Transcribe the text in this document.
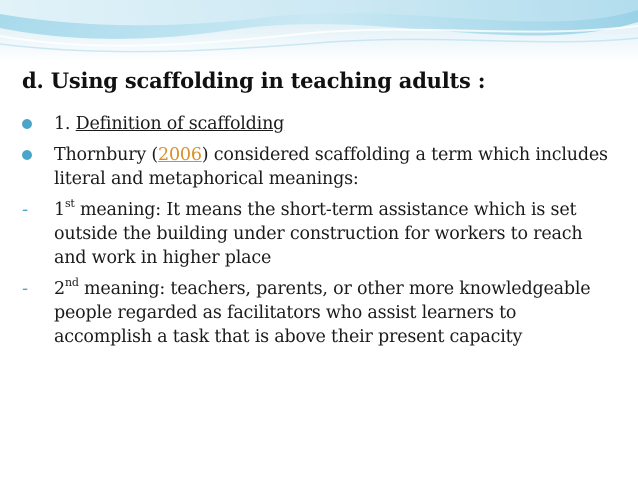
d. Using scaffolding in teaching adults :
1. Definition of scaffolding
Thornbury (2006) considered scaffolding a term which includes literal and metaphorical meanings:
- 1st meaning: It means the short-term assistance which is set outside the building under construction for workers to reach and work in higher place
- 2nd meaning: teachers, parents, or other more knowledgeable people regarded as facilitators who assist learners to accomplish a task that is above their present capacity
